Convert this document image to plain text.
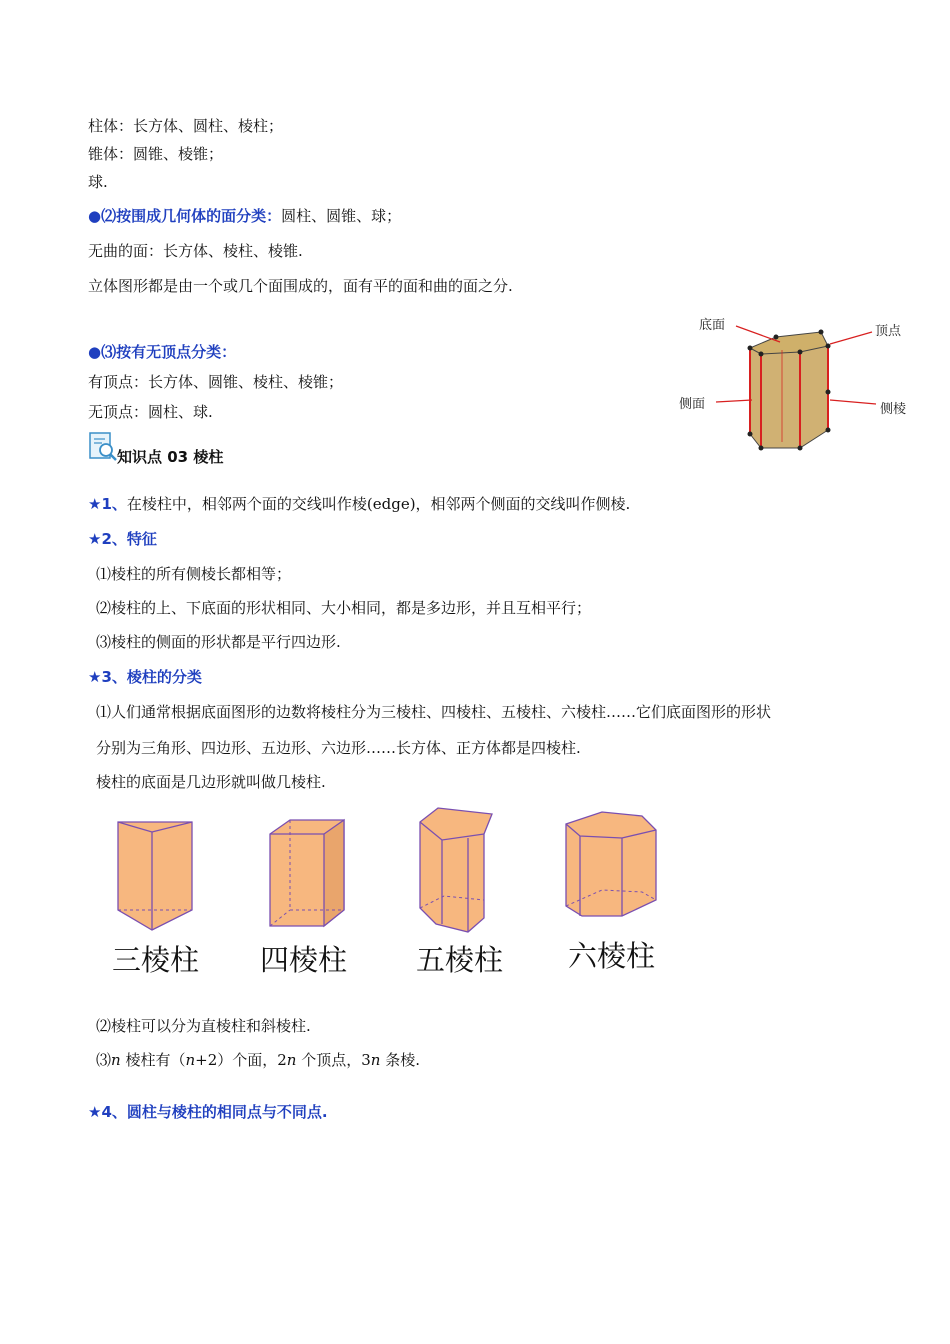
柱体：长方体、圆柱、棱柱；
锥体：圆锥、棱锥；
球.
●⑵按围成几何体的面分类：圆柱、圆锥、球；
无曲的面：长方体、棱柱、棱锥.
立体图形都是由一个或几个面围成的，面有平的面和曲的面之分.
底面	顶点
侧面	侧棱
●⑶按有无顶点分类：
有顶点：长方体、圆锥、棱柱、棱锥；
无顶点：圆柱、球.
知识点 03 棱柱
★1、在棱柱中，相邻两个面的交线叫作棱(edge)，相邻两个侧面的交线叫作侧棱.
★2、特征
⑴棱柱的所有侧棱长都相等；
⑵棱柱的上、下底面的形状相同、大小相同，都是多边形，并且互相平行；
⑶棱柱的侧面的形状都是平行四边形.
★3、棱柱的分类
⑴人们通常根据底面图形的边数将棱柱分为三棱柱、四棱柱、五棱柱、六棱柱……它们底面图形的形状
分别为三角形、四边形、五边形、六边形……长方体、正方体都是四棱柱.
棱柱的底面是几边形就叫做几棱柱.
三棱柱 四棱柱 五棱柱 六棱柱
⑵棱柱可以分为直棱柱和斜棱柱.
⑶n 棱柱有（n+2）个面，2n 个顶点，3n 条棱.
★4、圆柱与棱柱的相同点与不同点.
